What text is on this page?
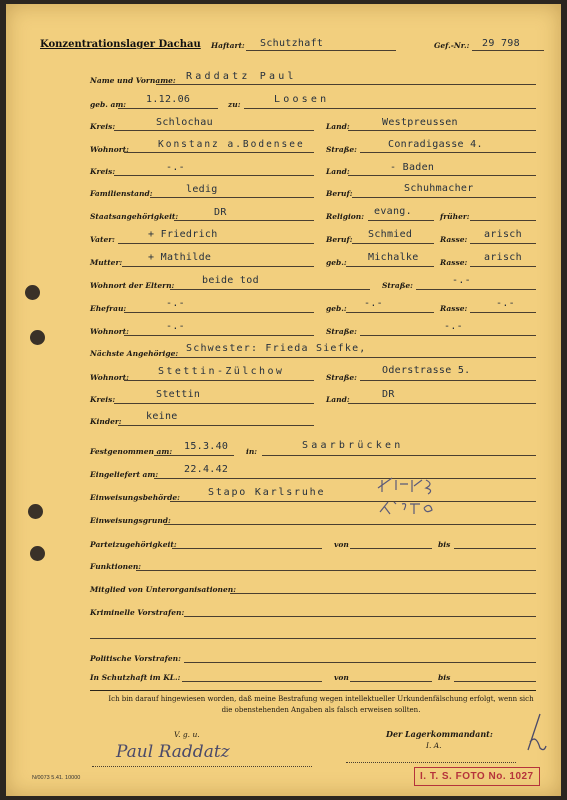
Konzentrationslager Dachau Haftart: Schutzhaft	Gef.-Nr.: 29 798
Name und Vorname: Raddatz Paul
geb. am: 1.12.06	zu:	Loosen
Kreis:	Schlochau	Land:	Westpreussen
Wohnort:	Konstanz a.Bodensee	Straße:	Conradigasse 4.
Kreis:	-.-	Land:	- Baden
Familienstand:	ledig	Beruf:	Schuhmacher
Staatsangehörigkeit:	DR	Religion: evang.	früher:
Vater:	+ Friedrich	Beruf: Schmied	Rasse: arisch
Mutter:	+ Mathilde	geb.: Michalke	Rasse: arisch
Wohnort der Eltern:	beide tod	Straße:	-.-
Ehefrau:	-.-	geb.: -.-	Rasse:	-.-
Wohnort:	-.-	Straße:	-.-
Nächste Angehörige: Schwester: Frieda Siefke,
Wohnort:
Stettin-Zülchow
Straße:
Oderstrasse 5.
Kreis:	Stettin	Land:	DR
Kinder: keine
Festgenommen am: 15.3.40 in:
Saarbrücken
Eingeliefert am:	22.4.42
Einweisungsbehörde:	Stapo Karlsruhe
Einweisungsgrund:
Parteizugehörigkeit:	von	bis
Funktionen:
Mitglied von Unterorganisationen:
Kriminelle Vorstrafen:
Politische Vorstrafen:
In Schutzhaft im KL.:	von	bis
Ich bin darauf hingewiesen worden, daß meine Bestrafung wegen intellektueller Urkundenfälschung erfolgt, wenn sich die obenstehenden Angaben als falsch erweisen sollten.
V. g. u.	Der Lagerkommandant:
I. A.
Paul Raddatz
N/0073 5.41. 10000	I. T. S. FOTO No. 1027
